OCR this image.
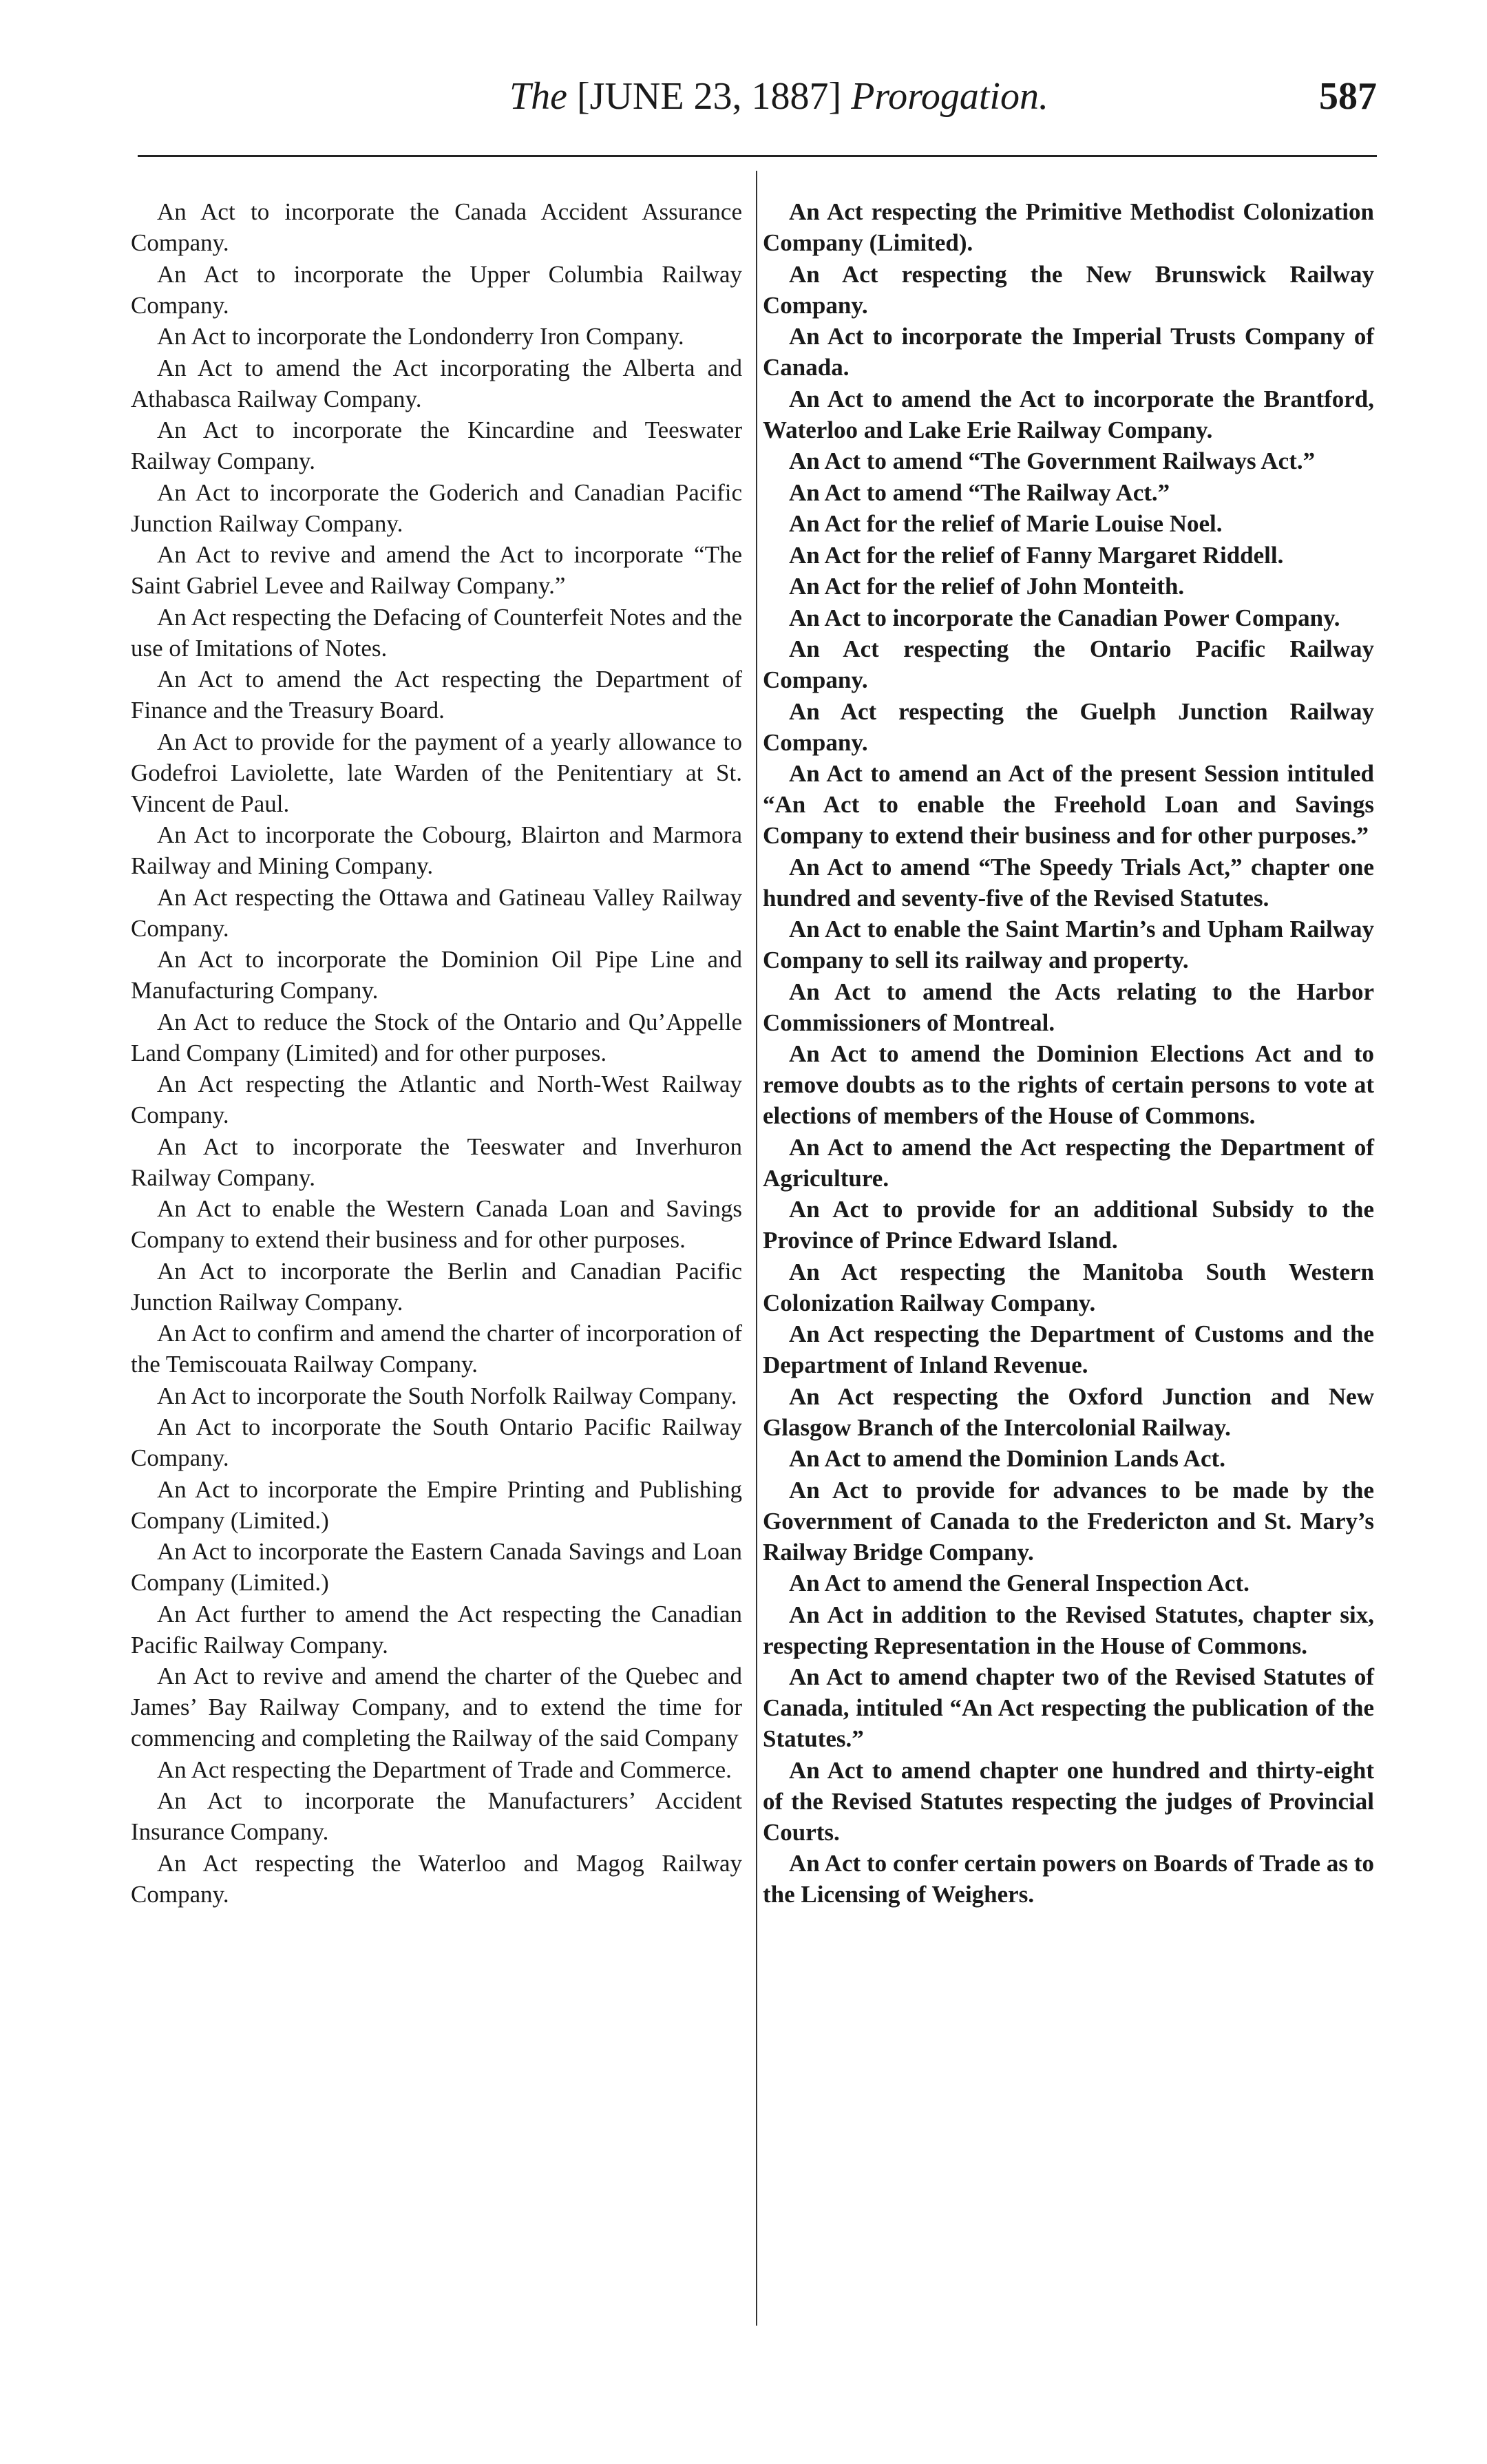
The [JUNE 23, 1887] Prorogation.	587

An Act to incorporate the Canada Accident Assurance Company.

An Act to incorporate the Upper Columbia Railway Company.

An Act to incorporate the Londonderry Iron Company.

An Act to amend the Act incorporating the Alberta and Athabasca Railway Company.

An Act to incorporate the Kincardine and Teeswater Railway Company.

An Act to incorporate the Goderich and Canadian Pacific Junction Railway Company.

An Act to revive and amend the Act to incorporate “The Saint Gabriel Levee and Railway Company.”

An Act respecting the Defacing of Counterfeit Notes and the use of Imitations of Notes.

An Act to amend the Act respecting the Department of Finance and the Treasury Board.

An Act to provide for the payment of a yearly allowance to Godefroi Laviolette, late Warden of the Penitentiary at St. Vincent de Paul.

An Act to incorporate the Cobourg, Blairton and Marmora Railway and Mining Company.

An Act respecting the Ottawa and Gatineau Valley Railway Company.

An Act to incorporate the Dominion Oil Pipe Line and Manufacturing Company.

An Act to reduce the Stock of the Ontario and Qu’Appelle Land Company (Limited) and for other purposes.

An Act respecting the Atlantic and North-West Railway Company.

An Act to incorporate the Teeswater and Inverhuron Railway Company.

An Act to enable the Western Canada Loan and Savings Company to extend their business and for other purposes.

An Act to incorporate the Berlin and Canadian Pacific Junction Railway Company.

An Act to confirm and amend the charter of incorporation of the Temiscouata Railway Company.

An Act to incorporate the South Norfolk Railway Company.

An Act to incorporate the South Ontario Pacific Railway Company.

An Act to incorporate the Empire Printing and Publishing Company (Limited.)

An Act to incorporate the Eastern Canada Savings and Loan Company (Limited.)

An Act further to amend the Act respecting the Canadian Pacific Railway Company.

An Act to revive and amend the charter of the Quebec and James’ Bay Railway Company, and to extend the time for commencing and completing the Railway of the said Company

An Act respecting the Department of Trade and Commerce.

An Act to incorporate the Manufacturers’ Accident Insurance Company.

An Act respecting the Waterloo and Magog Railway Company.

An Act respecting the Primitive Methodist Colonization Company (Limited).

An Act respecting the New Brunswick Railway Company.

An Act to incorporate the Imperial Trusts Company of Canada.

An Act to amend the Act to incorporate the Brantford, Waterloo and Lake Erie Railway Company.

An Act to amend “The Government Railways Act.”

An Act to amend “The Railway Act.”

An Act for the relief of Marie Louise Noel.

An Act for the relief of Fanny Margaret Riddell.

An Act for the relief of John Monteith.

An Act to incorporate the Canadian Power Company.

An Act respecting the Ontario Pacific Railway Company.

An Act respecting the Guelph Junction Railway Company.

An Act to amend an Act of the present Session intituled “An Act to enable the Freehold Loan and Savings Company to extend their business and for other purposes.”

An Act to amend “The Speedy Trials Act,” chapter one hundred and seventy-five of the Revised Statutes.

An Act to enable the Saint Martin’s and Upham Railway Company to sell its railway and property.

An Act to amend the Acts relating to the Harbor Commissioners of Montreal.

An Act to amend the Dominion Elections Act and to remove doubts as to the rights of certain persons to vote at elections of members of the House of Commons.

An Act to amend the Act respecting the Department of Agriculture.

An Act to provide for an additional Subsidy to the Province of Prince Edward Island.

An Act respecting the Manitoba South Western Colonization Railway Company.

An Act respecting the Department of Customs and the Department of Inland Revenue.

An Act respecting the Oxford Junction and New Glasgow Branch of the Intercolonial Railway.

An Act to amend the Dominion Lands Act.

An Act to provide for advances to be made by the Government of Canada to the Fredericton and St. Mary’s Railway Bridge Company.

An Act to amend the General Inspection Act.

An Act in addition to the Revised Statutes, chapter six, respecting Representation in the House of Commons.

An Act to amend chapter two of the Revised Statutes of Canada, intituled “An Act respecting the publication of the Statutes.”

An Act to amend chapter one hundred and thirty-eight of the Revised Statutes respecting the judges of Provincial Courts.

An Act to confer certain powers on Boards of Trade as to the Licensing of Weighers.
